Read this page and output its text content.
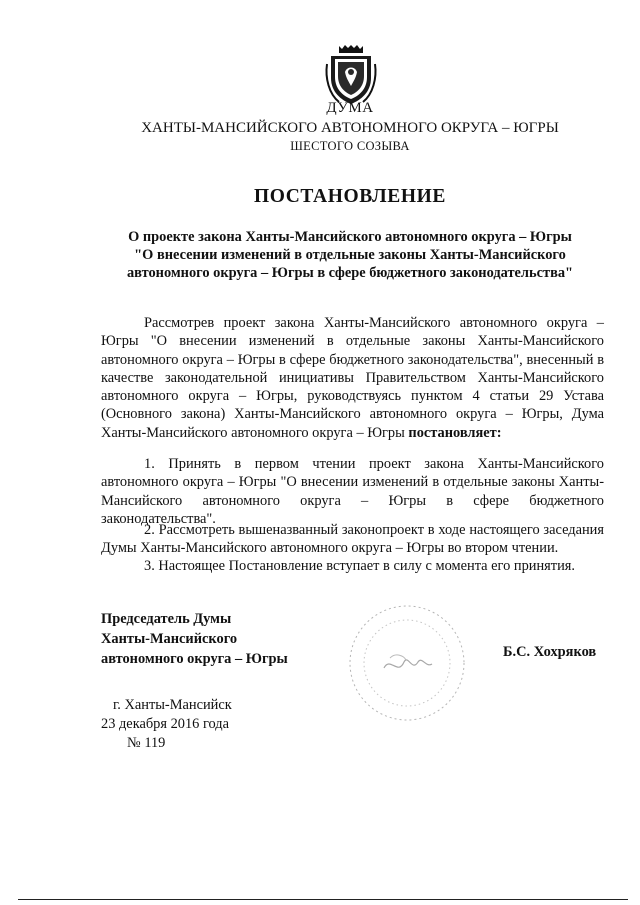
ДУМА
ХАНТЫ-МАНСИЙСКОГО АВТОНОМНОГО ОКРУГА – ЮГРЫ
ШЕСТОГО СОЗЫВА
ПОСТАНОВЛЕНИЕ
О проекте закона Ханты-Мансийского автономного округа – Югры
"О внесении изменений в отдельные законы Ханты-Мансийского
автономного округа – Югры в сфере бюджетного законодательства"

Рассмотрев проект закона Ханты-Мансийского автономного округа – Югры "О внесении изменений в отдельные законы Ханты-Мансийского автономного округа – Югры в сфере бюджетного законодательства", внесенный в качестве законодательной инициативы Правительством Ханты-Мансийского автономного округа – Югры, руководствуясь пунктом 4 статьи 29 Устава (Основного закона) Ханты-Мансийского автономного округа – Югры, Дума Ханты-Мансийского автономного округа – Югры постановляет:

1. Принять в первом чтении проект закона Ханты-Мансийского автономного округа – Югры "О внесении изменений в отдельные законы Ханты-Мансийского автономного округа – Югры в сфере бюджетного законодательства".

2. Рассмотреть вышеназванный законопроект в ходе настоящего заседания Думы Ханты-Мансийского автономного округа – Югры во втором чтении.

3. Настоящее Постановление вступает в силу с момента его принятия.

Председатель Думы
Ханты-Мансийского
автономного округа – Югры	Б.С. Хохряков
г. Ханты-Мансийск
23 декабря 2016 года
№ 119
